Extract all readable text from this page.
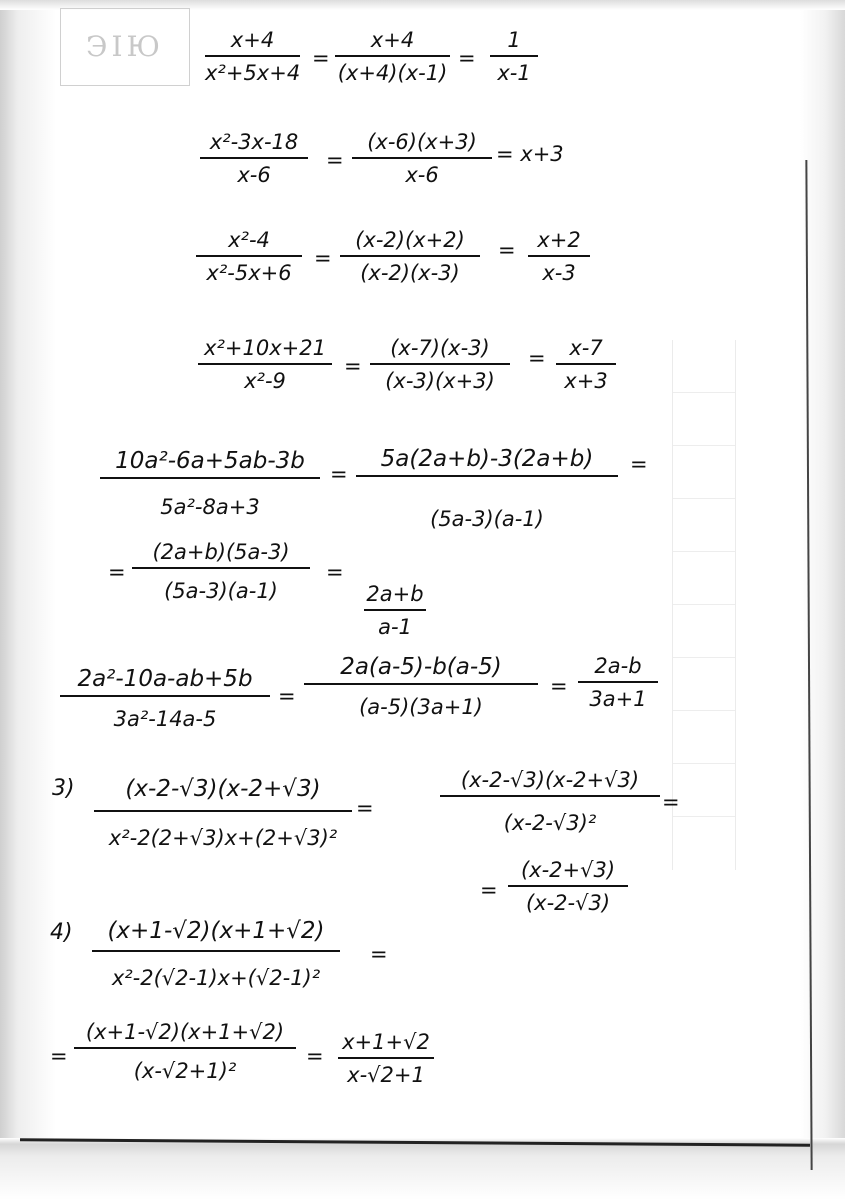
ЭІЮ	x+4
x²+5x+4
=
x+4
(x+4)(x-1)
=
1
x-1
x²-3x-18
x-6
=
(x-6)(x+3)
x-6
= x+3
x²-4
x²-5x+6
=
(x-2)(x+2)
(x-2)(x-3)
=	x+2
x-3
x²+10x+21
x²-9
=
(x-7)(x-3)
(x-3)(x+3)
=	x-7
x+3
10a²-6a+5ab-3b
5a²-8a+3
=
5a(2a+b)-3(2a+b)
(5a-3)(a-1)
=
=
(2a+b)(5a-3)
(5a-3)(a-1)
=
2a+b
a-1
2a²-10a-ab+5b
3a²-14a-5
=
2a(a-5)-b(a-5)
(a-5)(3a+1)
=
2a-b
3a+1
3)	(x-2-√3)(x-2+√3)
x²-2(2+√3)x+(2+√3)²
=
(x-2-√3)(x-2+√3)
(x-2-√3)²
=
=
(x-2+√3)
(x-2-√3)
4)	(x+1-√2)(x+1+√2)
x²-2(√2-1)x+(√2-1)²
=
=
(x+1-√2)(x+1+√2)
(x-√2+1)²
=
x+1+√2
x-√2+1
